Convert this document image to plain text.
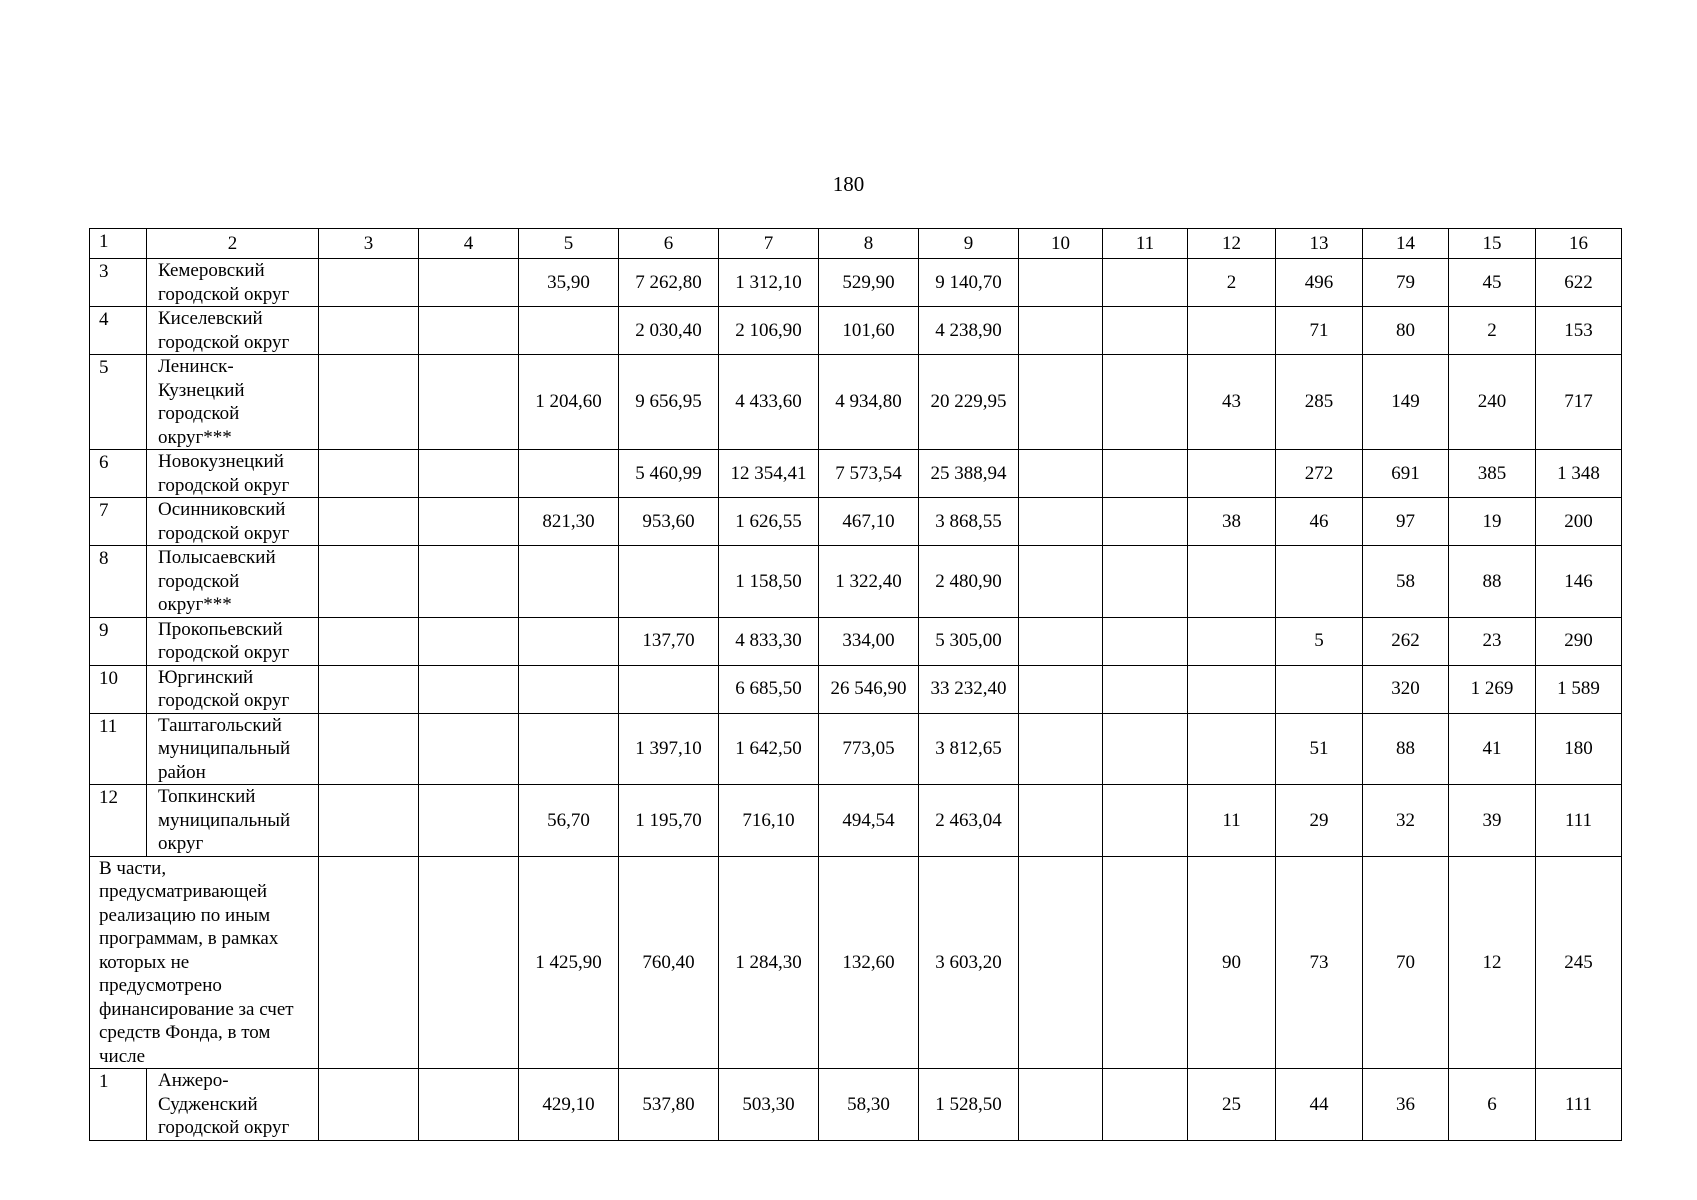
180
1	2	3	4	5	6	7	8	9	10	11	12	13	14	15	16
3	Кемеровский городской округ			35,90	7 262,80	1 312,10	529,90	9 140,70			2	496	79	45	622
4	Киселевский городской округ				2 030,40	2 106,90	101,60	4 238,90				71	80	2	153
5	Ленинск-Кузнецкий городской округ***			1 204,60	9 656,95	4 433,60	4 934,80	20 229,95			43	285	149	240	717
6	Новокузнецкий городской округ				5 460,99	12 354,41	7 573,54	25 388,94				272	691	385	1 348
7	Осинниковский городской округ			821,30	953,60	1 626,55	467,10	3 868,55			38	46	97	19	200
8	Полысаевский городской округ***					1 158,50	1 322,40	2 480,90					58	88	146
9	Прокопьевский городской округ				137,70	4 833,30	334,00	5 305,00				5	262	23	290
10	Юргинский городской округ					6 685,50	26 546,90	33 232,40					320	1 269	1 589
11	Таштагольский муниципальный район				1 397,10	1 642,50	773,05	3 812,65				51	88	41	180
12	Топкинский муниципальный округ			56,70	1 195,70	716,10	494,54	2 463,04			11	29	32	39	111
В части, предусматривающей реализацию по иным программам, в рамках которых не предусмотрено финансирование за счет средств Фонда, в том числе				1 425,90	760,40	1 284,30	132,60	3 603,20			90	73	70	12	245
1	Анжеро-Судженский городской округ			429,10	537,80	503,30	58,30	1 528,50			25	44	36	6	111
